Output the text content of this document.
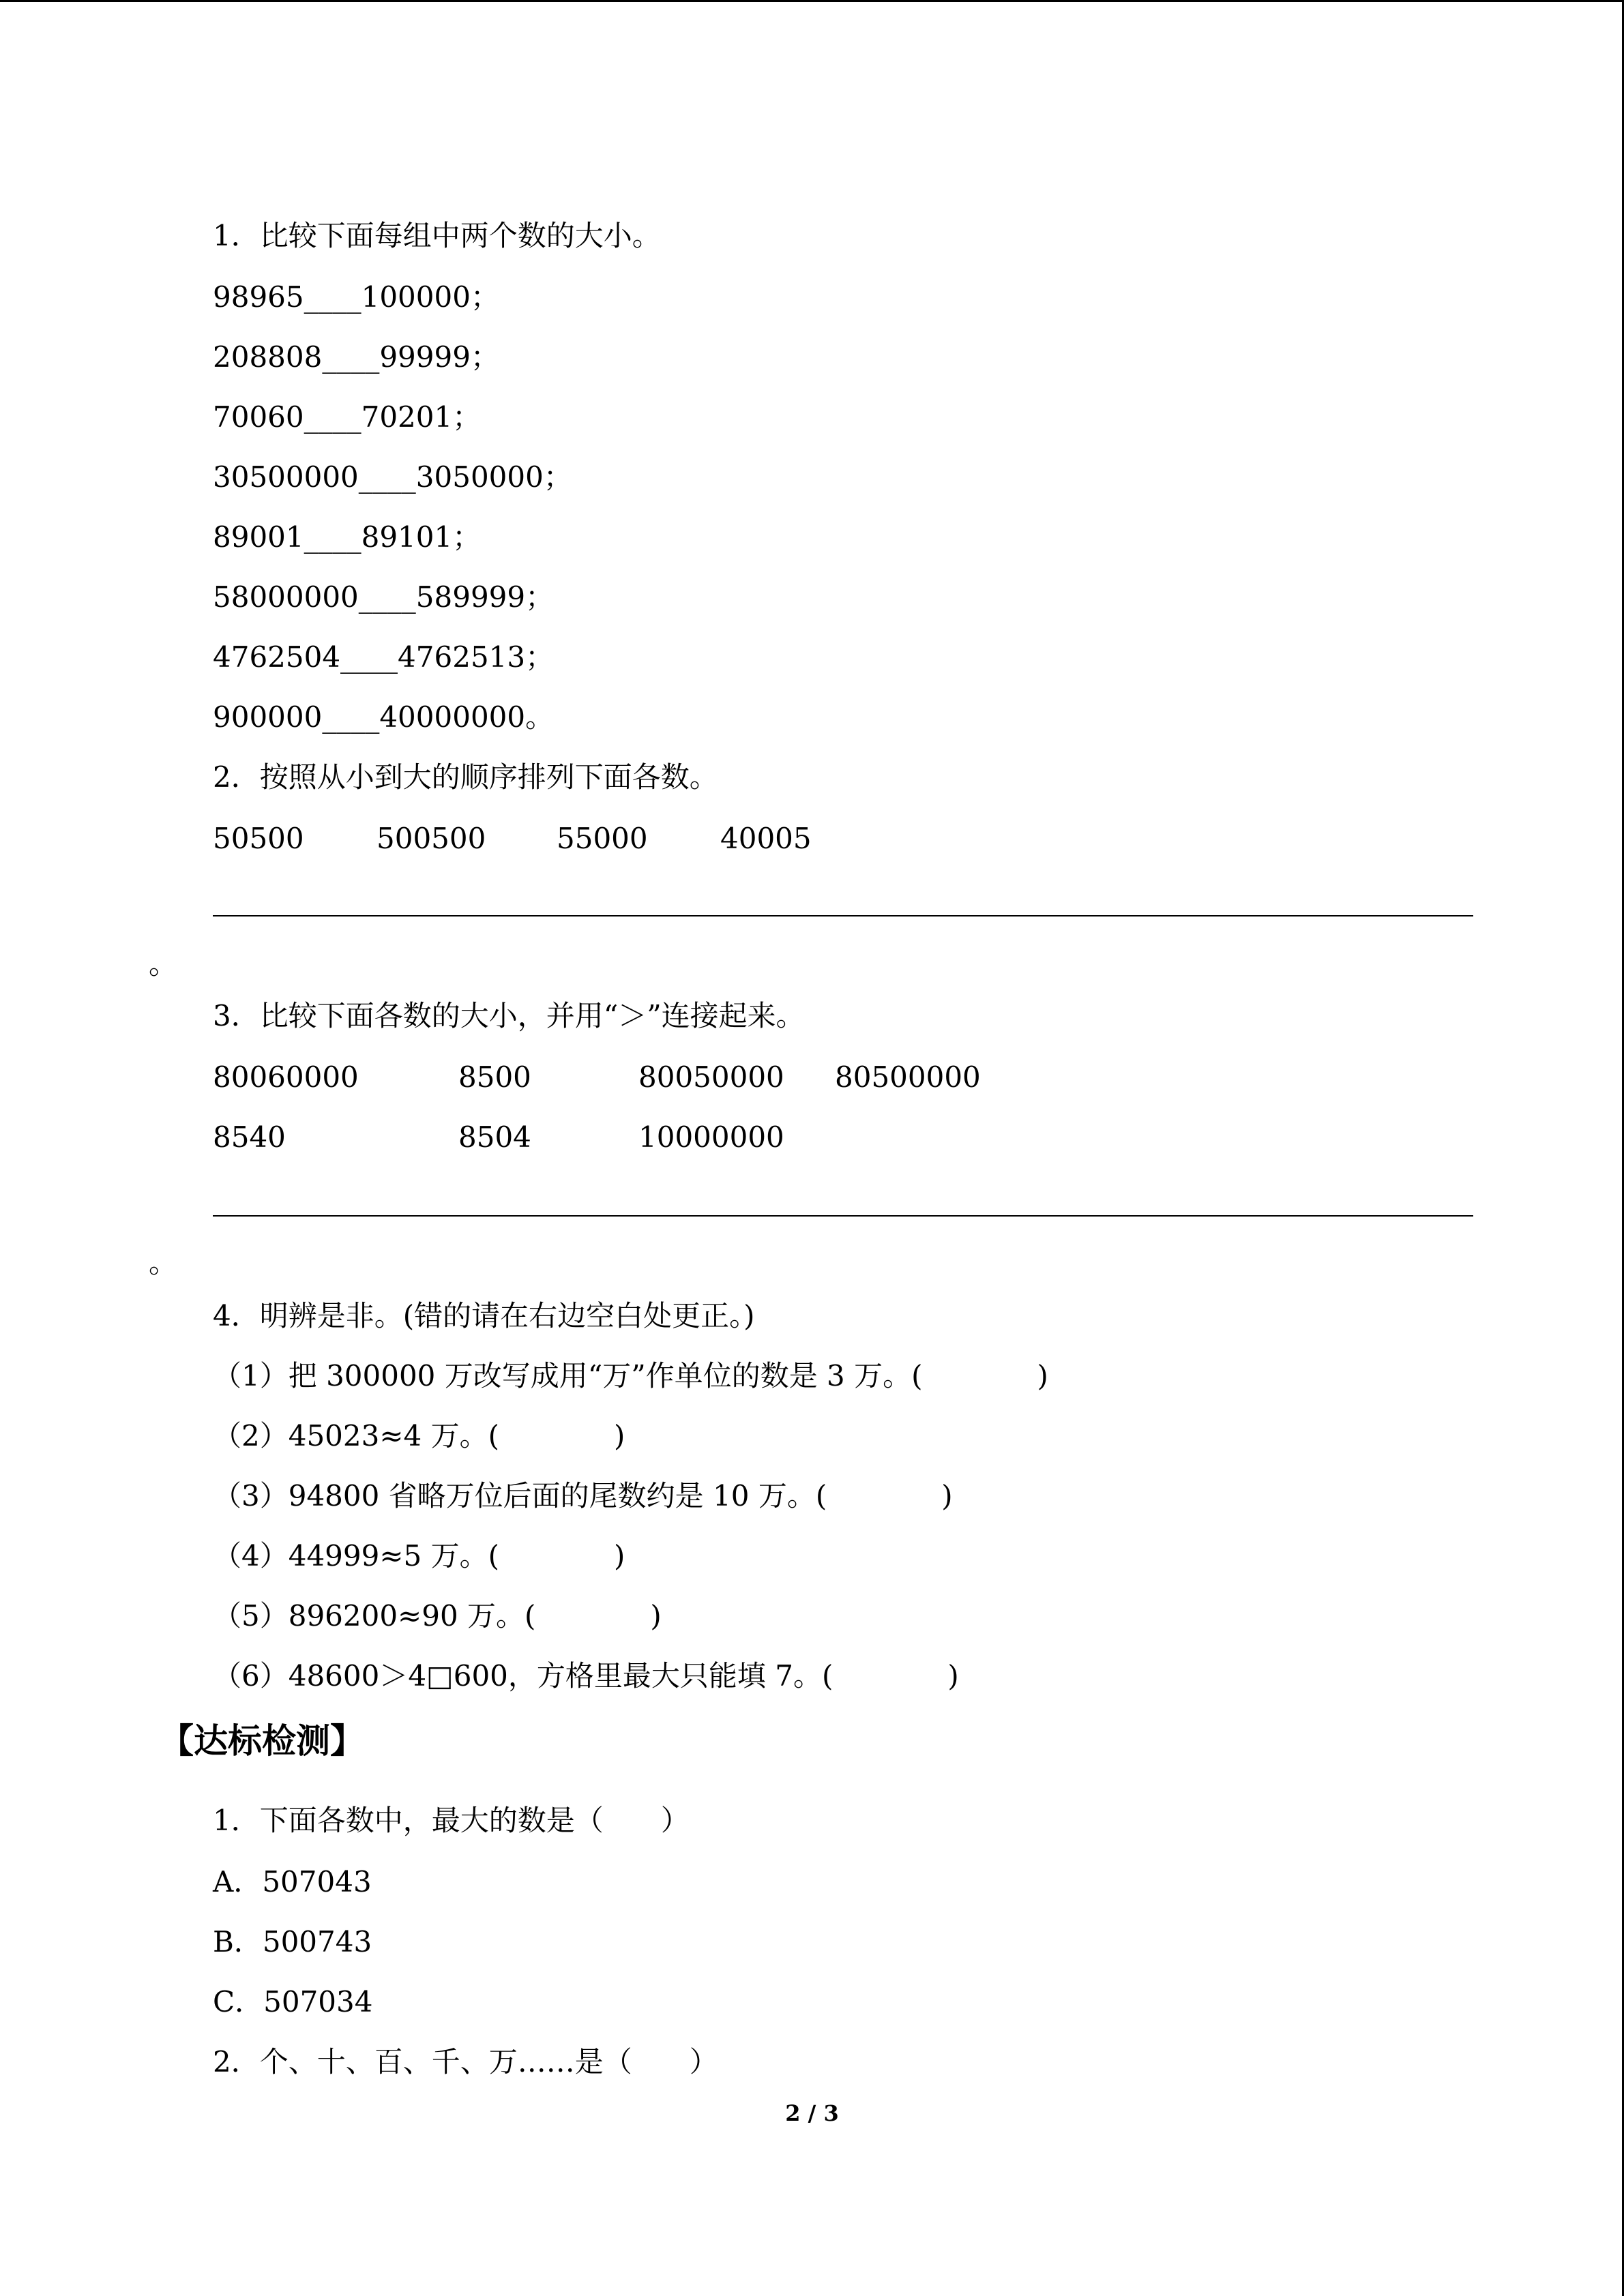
1．比较下面每组中两个数的大小。
98965____100000；
208808____99999；
70060____70201；
30500000____3050000；
89001____89101；
58000000____589999；
4762504____4762513；
900000____40000000。
2．按照从小到大的顺序排列下面各数。
50500	500500 55000	40005
。
3．比较下面各数的大小，并用“＞”连接起来。
80060000	8500	80050000 80500000
8540	8504	10000000
。
4．明辨是非。(错的请在右边空白处更正。)
（1）把 300000 万改写成用“万”作单位的数是 3 万。(　　　　)
（2）45023≈4 万。(　　　　)
（3）94800 省略万位后面的尾数约是 10 万。(　　　　)
（4）44999≈5 万。(　　　　)
（5）896200≈90 万。(　　　　)
（6）48600＞4□600，方格里最大只能填 7。(　　　　)
【达标检测】
1．下面各数中，最大的数是（　　）
A．507043
B．500743
C．507034
2．个、十、百、千、万……是（　　）
2 / 3
